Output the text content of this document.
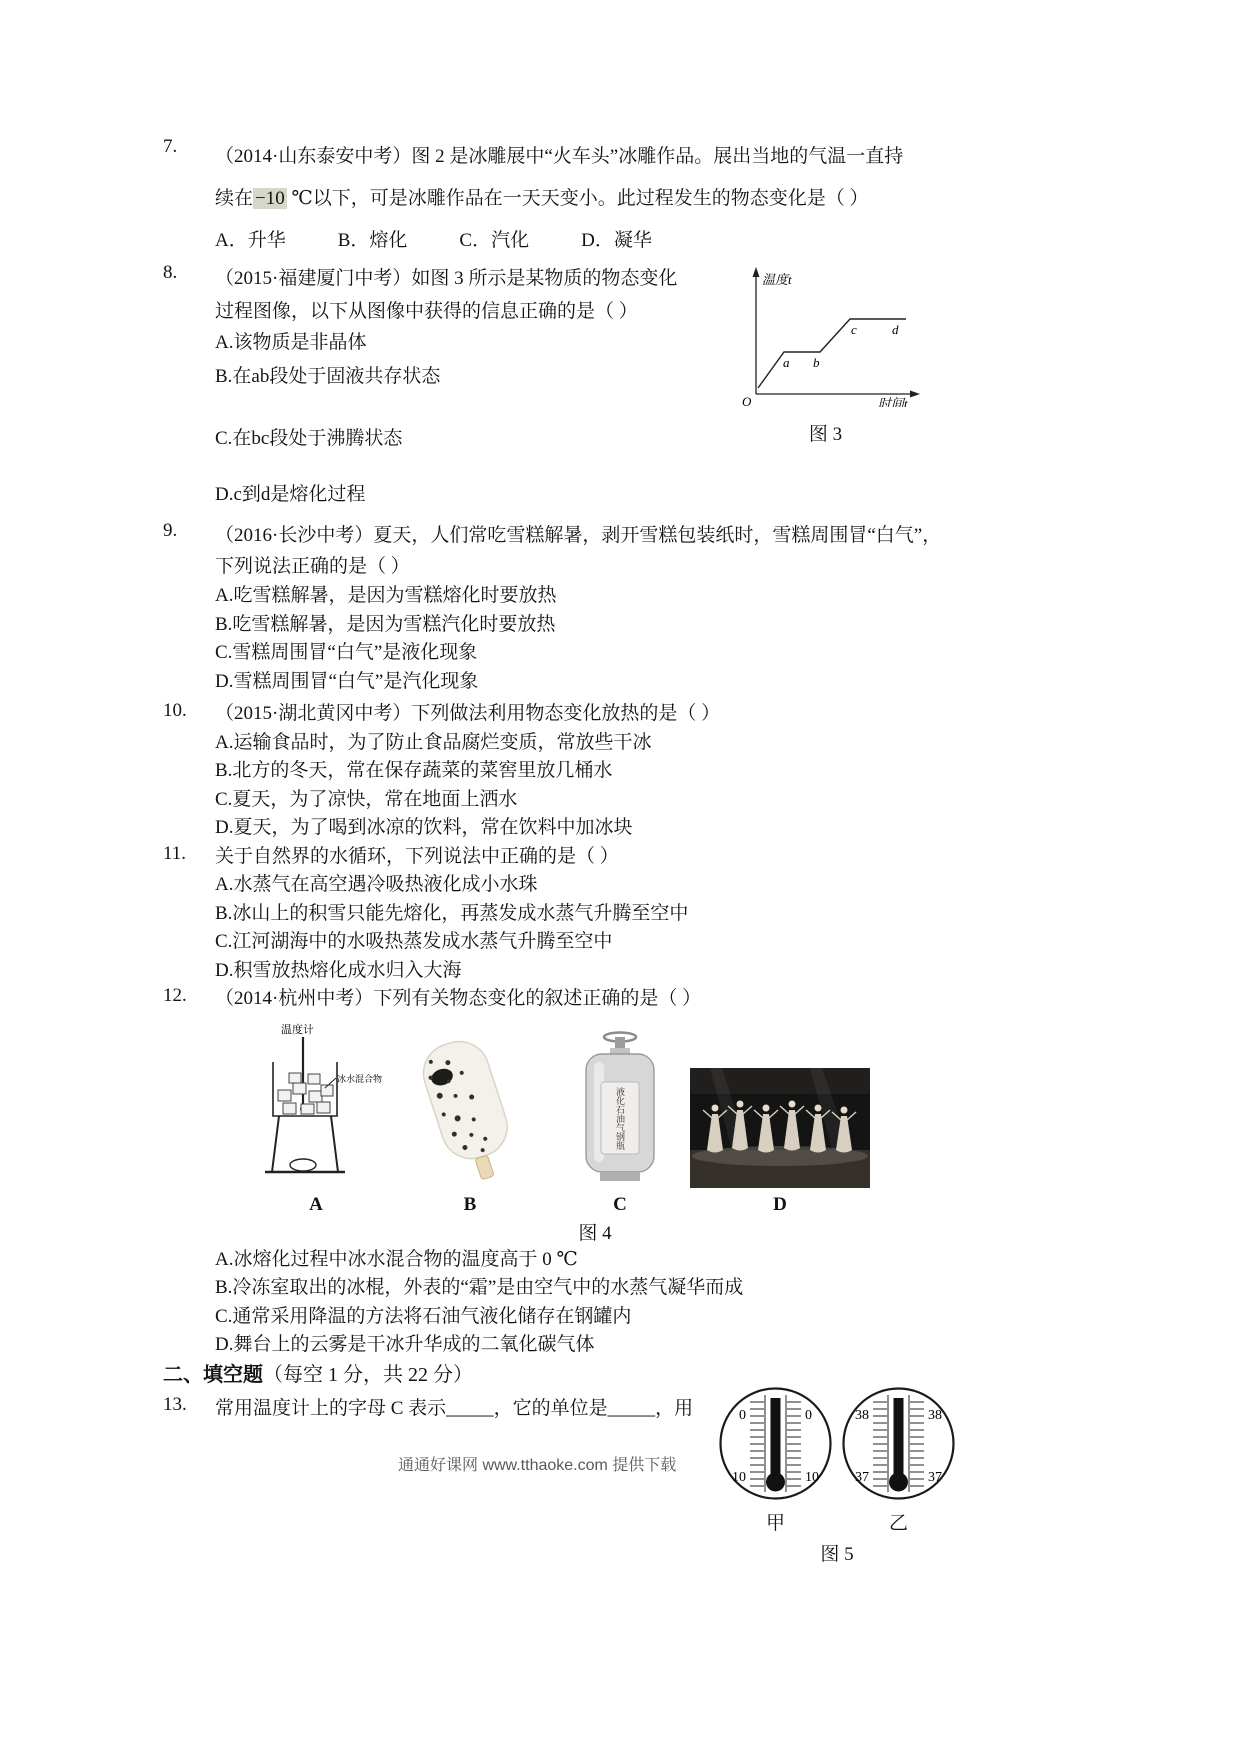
7.	（2014·山东泰安中考）图 2 是冰雕展中“火车头”冰雕作品。展出当地的气温一直持
续在 −10 ℃以下，可是冰雕作品在一天天变小。此过程发生的物态变化是（ ）
A．升华	B．熔化	C．汽化	D．凝华
8.	（2015·福建厦门中考）如图 3 所示是某物质的物态变化
过程图像，以下从图像中获得的信息正确的是（ ）
A.该物质是非晶体
B.在ab段处于固液共存状态
C.在bc段处于沸腾状态
D.c到d是熔化过程
温度t
时间t
O
a b
c	d
图 3
9.	（2016·长沙中考）夏天，人们常吃雪糕解暑，剥开雪糕包装纸时，雪糕周围冒“白气”，
下列说法正确的是（ ）
A.吃雪糕解暑，是因为雪糕熔化时要放热
B.吃雪糕解暑，是因为雪糕汽化时要放热
C.雪糕周围冒“白气”是液化现象
D.雪糕周围冒“白气”是汽化现象
10.	（2015·湖北黄冈中考）下列做法利用物态变化放热的是（ ）
A.运输食品时，为了防止食品腐烂变质，常放些干冰
B.北方的冬天，常在保存蔬菜的菜窖里放几桶水
C.夏天，为了凉快，常在地面上洒水
D.夏天，为了喝到冰凉的饮料，常在饮料中加冰块
11.	关于自然界的水循环，下列说法中正确的是（ ）
A.水蒸气在高空遇冷吸热液化成小水珠
B.冰山上的积雪只能先熔化，再蒸发成水蒸气升腾至空中
C.江河湖海中的水吸热蒸发成水蒸气升腾至空中
D.积雪放热熔化成水归入大海
12.	（2014·杭州中考）下列有关物态变化的叙述正确的是（ ）
温度计
冰水混合物
液化石油气钢瓶
A	B	C	D
图 4
A.冰熔化过程中冰水混合物的温度高于 0 ℃
B.冷冻室取出的冰棍，外表的“霜”是由空气中的水蒸气凝华而成
C.通常采用降温的方法将石油气液化储存在钢罐内
D.舞台上的云雾是干冰升华成的二氧化碳气体
二、填空题（每空 1 分，共 22 分）
13.	常用温度计上的字母 C 表示_____，它的单位是_____，用	0	0
10	10
甲
38	38
37	37
乙
图 5
通通好课网 www.tthaoke.com 提供下载
